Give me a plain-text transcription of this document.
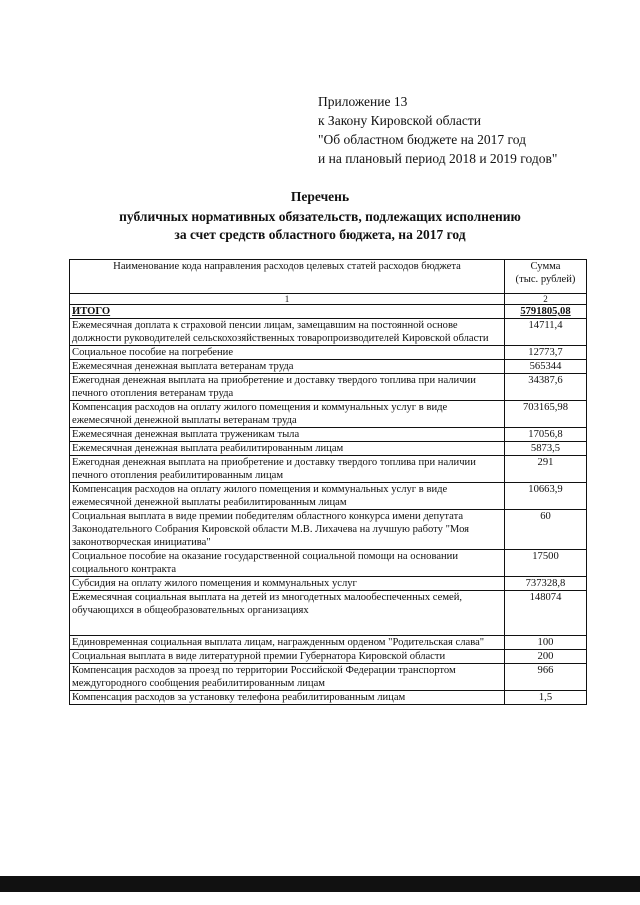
Приложение 13
к Закону Кировской области
"Об областном бюджете на 2017 год
и на плановый период 2018 и 2019 годов"
Перечень
публичных нормативных обязательств, подлежащих исполнению
за счет средств областного бюджета, на 2017 год
Наименование кода направления расходов целевых статей расходов бюджета	Сумма
(тыс. рублей)

1	2
ИТОГО	5791805,08
Ежемесячная доплата к страховой пенсии лицам, замещавшим на постоянной основе должности руководителей сельскохозяйственных товаропроизводителей Кировской области	14711,4
Социальное пособие на погребение	12773,7
Ежемесячная денежная выплата ветеранам труда	565344
Ежегодная денежная выплата на приобретение и доставку твердого топлива при наличии печного отопления ветеранам труда	34387,6
Компенсация расходов на оплату жилого помещения и коммунальных услуг в виде ежемесячной денежной выплаты ветеранам труда	703165,98
Ежемесячная денежная выплата труженикам тыла	17056,8
Ежемесячная денежная выплата реабилитированным лицам	5873,5
Ежегодная денежная выплата на приобретение и доставку твердого топлива при наличии печного отопления реабилитированным лицам	291
Компенсация расходов на оплату жилого помещения и коммунальных услуг в виде ежемесячной денежной выплаты реабилитированным лицам	10663,9
Социальная выплата в виде премии победителям областного конкурса имени депутата Законодательного Собрания Кировской области М.В. Лихачева на лучшую работу "Моя законотворческая инициатива"	60
Социальное пособие на оказание государственной социальной помощи на основании социального контракта	17500
Субсидия на оплату жилого помещения и коммунальных услуг	737328,8
Ежемесячная социальная выплата на детей из многодетных малообеспеченных семей, обучающихся в общеобразовательных организациях	148074
Единовременная социальная выплата лицам, награжденным орденом "Родительская слава"	100
Социальная выплата в виде литературной премии Губернатора Кировской области	200
Компенсация расходов за проезд по территории Российской Федерации транспортом междугородного сообщения реабилитированным лицам	966
Компенсация расходов за установку телефона реабилитированным лицам	1,5
